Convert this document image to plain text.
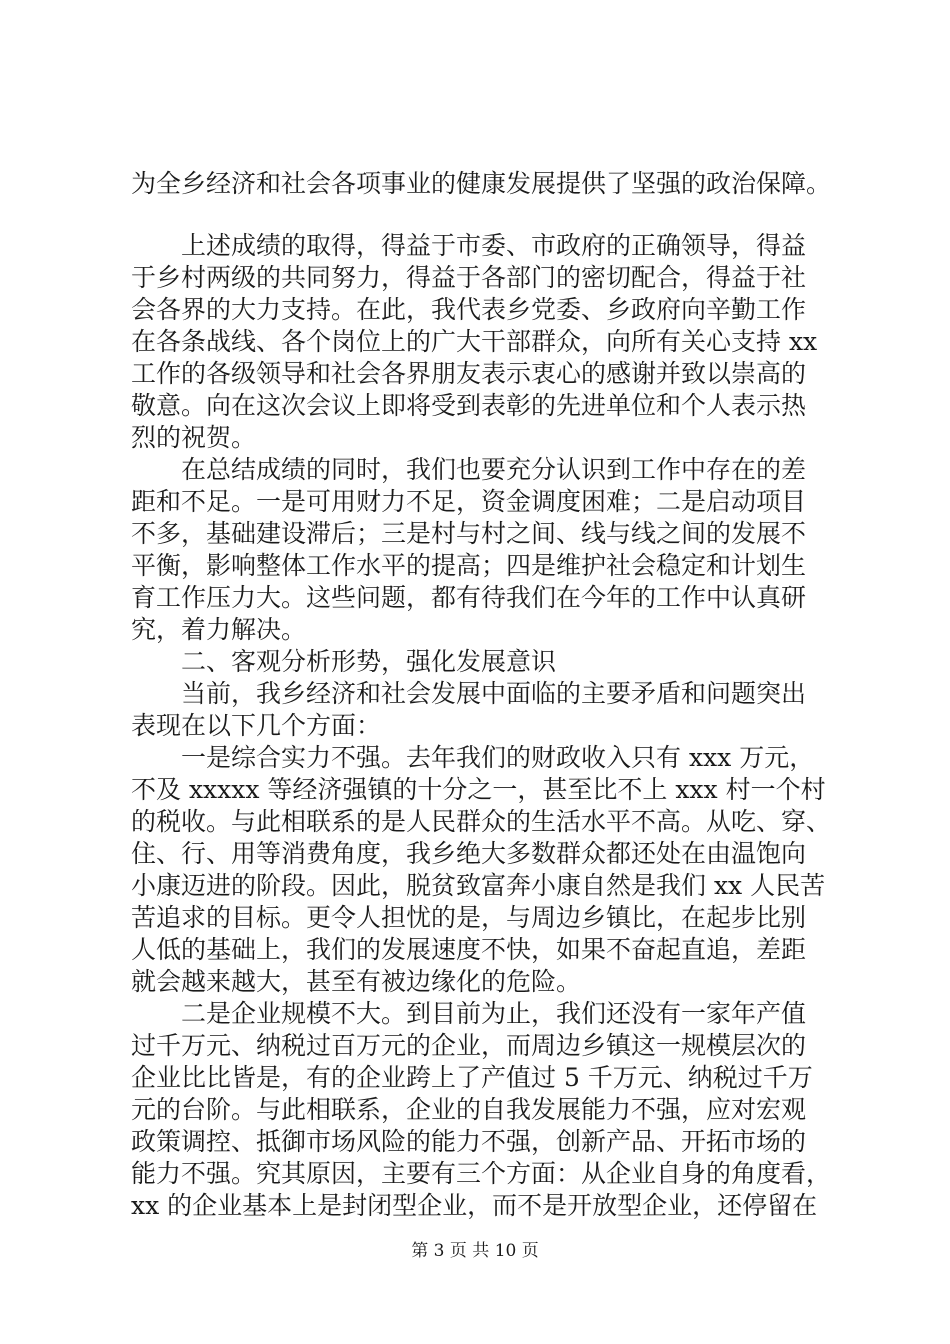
为全乡经济和社会各项事业的健康发展提供了坚强的政治保障。
上述成绩的取得，得益于市委、市政府的正确领导，得益
于乡村两级的共同努力，得益于各部门的密切配合，得益于社
会各界的大力支持。在此，我代表乡党委、乡政府向辛勤工作
在各条战线、各个岗位上的广大干部群众，向所有关心支持 xx
工作的各级领导和社会各界朋友表示衷心的感谢并致以崇高的
敬意。向在这次会议上即将受到表彰的先进单位和个人表示热
烈的祝贺。
在总结成绩的同时，我们也要充分认识到工作中存在的差
距和不足。一是可用财力不足，资金调度困难；二是启动项目
不多，基础建设滞后；三是村与村之间、线与线之间的发展不
平衡，影响整体工作水平的提高；四是维护社会稳定和计划生
育工作压力大。这些问题，都有待我们在今年的工作中认真研
究，着力解决。
二、客观分析形势，强化发展意识
当前，我乡经济和社会发展中面临的主要矛盾和问题突出
表现在以下几个方面：
一是综合实力不强。去年我们的财政收入只有 xxx 万元，
不及 xxxxx 等经济强镇的十分之一，甚至比不上 xxx 村一个村
的税收。与此相联系的是人民群众的生活水平不高。从吃、穿、
住、行、用等消费角度，我乡绝大多数群众都还处在由温饱向
小康迈进的阶段。因此，脱贫致富奔小康自然是我们 xx 人民苦
苦追求的目标。更令人担忧的是，与周边乡镇比，在起步比别
人低的基础上，我们的发展速度不快，如果不奋起直追，差距
就会越来越大，甚至有被边缘化的危险。
二是企业规模不大。到目前为止，我们还没有一家年产值
过千万元、纳税过百万元的企业，而周边乡镇这一规模层次的
企业比比皆是，有的企业跨上了产值过 5 千万元、纳税过千万
元的台阶。与此相联系，企业的自我发展能力不强，应对宏观
政策调控、抵御市场风险的能力不强，创新产品、开拓市场的
能力不强。究其原因，主要有三个方面：从企业自身的角度看，
xx 的企业基本上是封闭型企业，而不是开放型企业，还停留在
第 3 页 共 10 页
